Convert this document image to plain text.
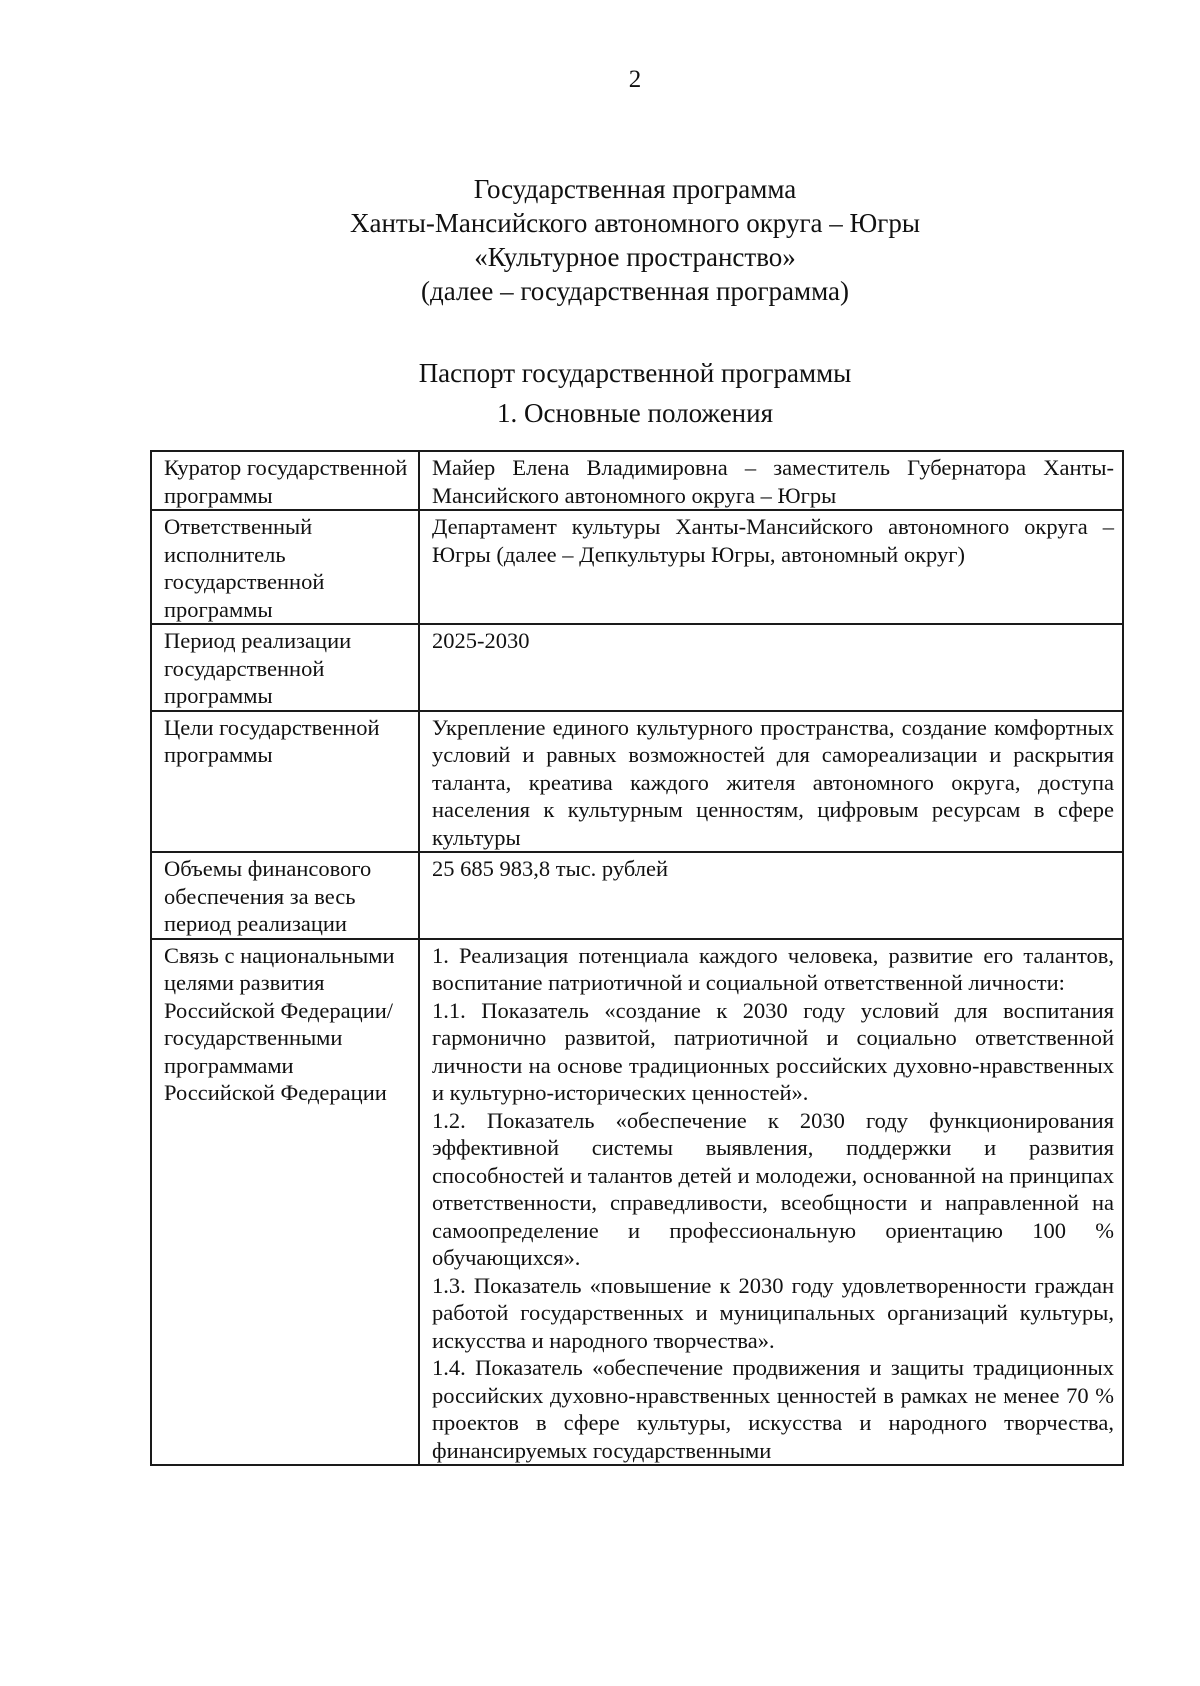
2
Государственная программа
Ханты-Мансийского автономного округа – Югры
«Культурное пространство»
(далее – государственная программа)
Паспорт государственной программы
1. Основные положения
Куратор государственной программы	Майер Елена Владимировна – заместитель Губернатора Ханты-Мансийского автономного округа – Югры

Ответственный исполнитель государственной программы	Департамент культуры Ханты-Мансийского автономного округа – Югры (далее – Депкультуры Югры, автономный округ)

Период реализации государственной программы	2025-2030

Цели государственной программы	Укрепление единого культурного пространства, создание комфортных условий и равных возможностей для самореализации и раскрытия таланта, креатива каждого жителя автономного округа, доступа населения к культурным ценностям, цифровым ресурсам в сфере культуры

Объемы финансового обеспечения за весь период реализации	25 685 983,8 тыс. рублей

Связь с национальными целями развития Российской Федерации/ государственными программами Российской Федерации	1. Реализация потенциала каждого человека, развитие его талантов, воспитание патриотичной и социальной ответственной личности:
1.1. Показатель «создание к 2030 году условий для воспитания гармонично развитой, патриотичной и социально ответственной личности на основе традиционных российских духовно-нравственных и культурно-исторических ценностей».
1.2. Показатель «обеспечение к 2030 году функционирования эффективной системы выявления, поддержки и развития способностей и талантов детей и молодежи, основанной на принципах ответственности, справедливости, всеобщности и направленной на самоопределение и профессиональную ориентацию 100 % обучающихся».
1.3. Показатель «повышение к 2030 году удовлетворенности граждан работой государственных и муниципальных организаций культуры, искусства и народного творчества».
1.4. Показатель «обеспечение продвижения и защиты традиционных российских духовно-нравственных ценностей в рамках не менее 70 % проектов в сфере культуры, искусства и народного творчества, финансируемых государственными
